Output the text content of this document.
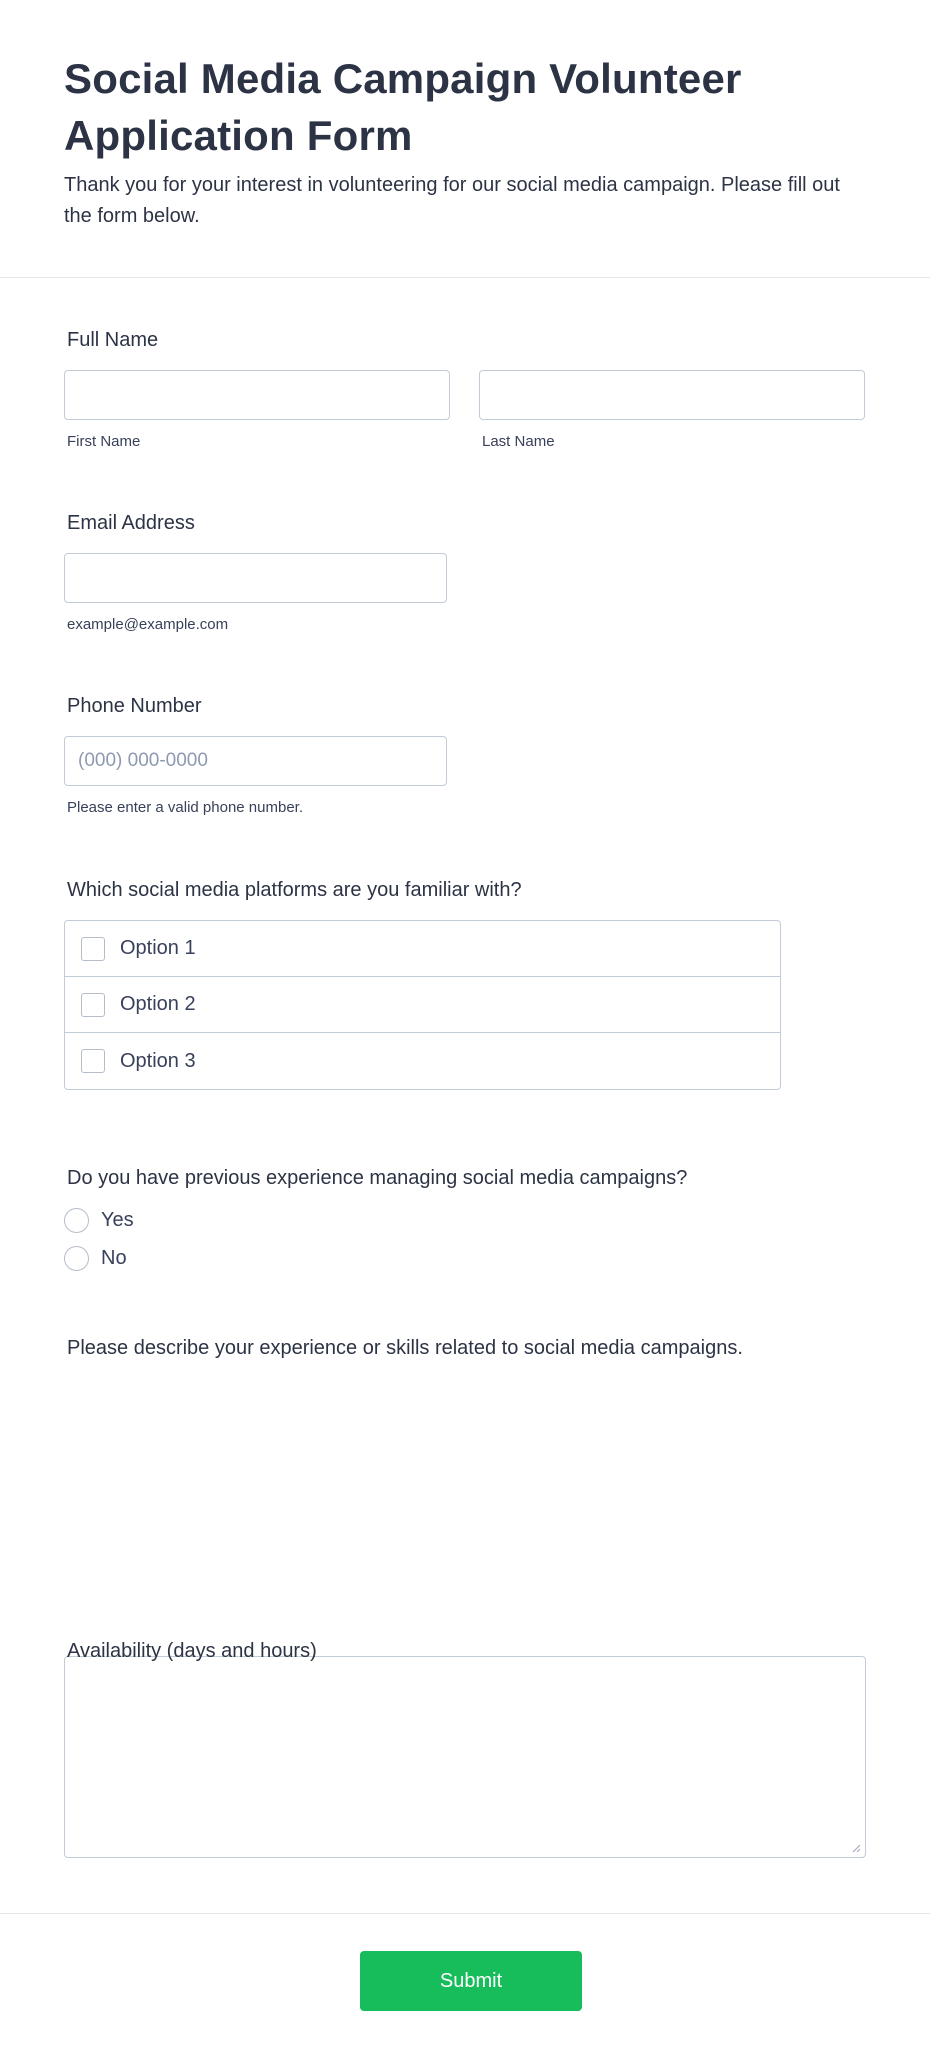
Social Media Campaign Volunteer Application Form

Thank you for your interest in volunteering for our social media campaign. Please fill out the form below.

Full Name
First Name	Last Name
Email Address
example@example.com
Phone Number
(000) 000-0000
Please enter a valid phone number.
Which social media platforms are you familiar with?
Option 1
Option 2
Option 3
Do you have previous experience managing social media campaigns?
Yes
No
Please describe your experience or skills related to social media campaigns.
Availability (days and hours)
Submit
